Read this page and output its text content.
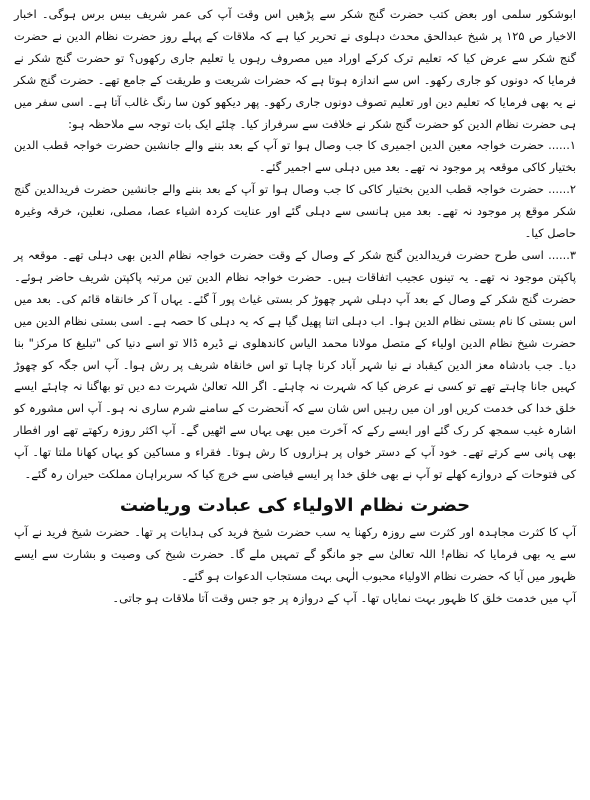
ابوشکور سلمی اور بعض کتب حضرت گنج شکر سے پڑھیں اس وقت آپ کی عمر شریف بیس برس ہوگی۔ اخبار الاخیار ص ۱۲۵ پر شیخ عبدالحق محدث دہلوی نے تحریر کیا ہے کہ ملاقات کے پہلے روز حضرت نظام الدین نے حضرت گنج شکر سے عرض کیا کہ تعلیم ترک کرکے اوراد میں مصروف رہوں یا تعلیم جاری رکھوں؟ تو حضرت گنج شکر نے فرمایا کہ دونوں کو جاری رکھو۔ اس سے اندازہ ہوتا ہے کہ حضرات شریعت و طریقت کے جامع تھے۔ حضرت گنج شکر نے یہ بھی فرمایا کہ تعلیم دین اور تعلیم تصوف دونوں جاری رکھو۔ پھر دیکھو کون سا رنگ غالب آتا ہے۔ اسی سفر میں ہی حضرت نظام الدین کو حضرت گنج شکر نے خلافت سے سرفراز کیا۔ چلئے ایک بات توجہ سے ملاحظہ ہو:

۱...... حضرت خواجہ معین الدین اجمیری کا جب وصال ہوا تو آپ کے بعد بننے والے جانشین حضرت خواجہ قطب الدین بختیار کاکی موقعہ پر موجود نہ تھے۔ بعد میں دہلی سے اجمیر گئے۔

۲...... حضرت خواجہ قطب الدین بختیار کاکی کا جب وصال ہوا تو آپ کے بعد بننے والے جانشین حضرت فریدالدین گنج شکر موقع پر موجود نہ تھے۔ بعد میں ہانسی سے دہلی گئے اور عنایت کردہ اشیاء عصا، مصلی، نعلین، خرقہ وغیرہ حاصل کیا۔

۳...... اسی طرح حضرت فریدالدین گنج شکر کے وصال کے وقت حضرت خواجہ نظام الدین بھی دہلی تھے۔ موقعہ پر پاکپتن موجود نہ تھے۔ یہ تینوں عجیب اتفاقات ہیں۔ حضرت خواجہ نظام الدین تین مرتبہ پاکپتن شریف حاضر ہوئے۔ حضرت گنج شکر کے وصال کے بعد آپ دہلی شہر چھوڑ کر بستی غیاث پور آ گئے۔ یہاں آ کر خانقاہ قائم کی۔ بعد میں اس بستی کا نام بستی نظام الدین ہوا۔ اب دہلی اتنا پھیل گیا ہے کہ یہ دہلی کا حصہ ہے۔ اسی بستی نظام الدین میں حضرت شیخ نظام الدین اولیاء کے متصل مولانا محمد الیاس کاندھلوی نے ڈیرہ ڈالا تو اسے دنیا کی "تبلیغ کا مرکز" بنا دیا۔ جب بادشاہ معز الدین کیقباد نے نیا شہر آباد کرنا چاہا تو اس خانقاہ شریف پر رش ہوا۔ آپ اس جگہ کو چھوڑ کہیں جانا چاہتے تھے تو کسی نے عرض کیا کہ شہرت نہ چاہئے۔ اگر اللہ تعالیٰ شہرت دے دیں تو بھاگنا نہ چاہئے ایسے خلق خدا کی خدمت کریں اور ان میں رہیں اس شان سے کہ آنحضرت کے سامنے شرم ساری نہ ہو۔ آپ اس مشورہ کو اشارہ غیب سمجھ کر رک گئے اور ایسے رکے کہ آخرت میں بھی یہاں سے اٹھیں گے۔ آپ اکثر روزہ رکھتے تھے اور افطار بھی پانی سے کرتے تھے۔ خود آپ کے دستر خواں پر ہزاروں کا رش ہوتا۔ فقراء و مساکین کو یہاں کھانا ملتا تھا۔ آپ کی فتوحات کے دروازے کھلے تو آپ نے بھی خلق خدا پر ایسے فیاضی سے خرچ کیا کہ سربراہان مملکت حیران رہ گئے۔

حضرت نظام الاولیاء کی عبادت وریاضت

آپ کا کثرت مجاہدہ اور کثرت سے روزہ رکھنا یہ سب حضرت شیخ فرید کی ہدایات پر تھا۔ حضرت شیخ فرید نے آپ سے یہ بھی فرمایا کہ نظام! اللہ تعالیٰ سے جو مانگو گے تمہیں ملے گا۔ حضرت شیخ کی وصیت و بشارت سے ایسے ظہور میں آیا کہ حضرت نظام الاولیاء محبوب الٰہی بہت مستجاب الدعوات ہو گئے۔

آپ میں خدمت خلق کا ظہور بہت نمایاں تھا۔ آپ کے دروازہ پر جو جس وقت آتا ملاقات ہو جاتی۔
